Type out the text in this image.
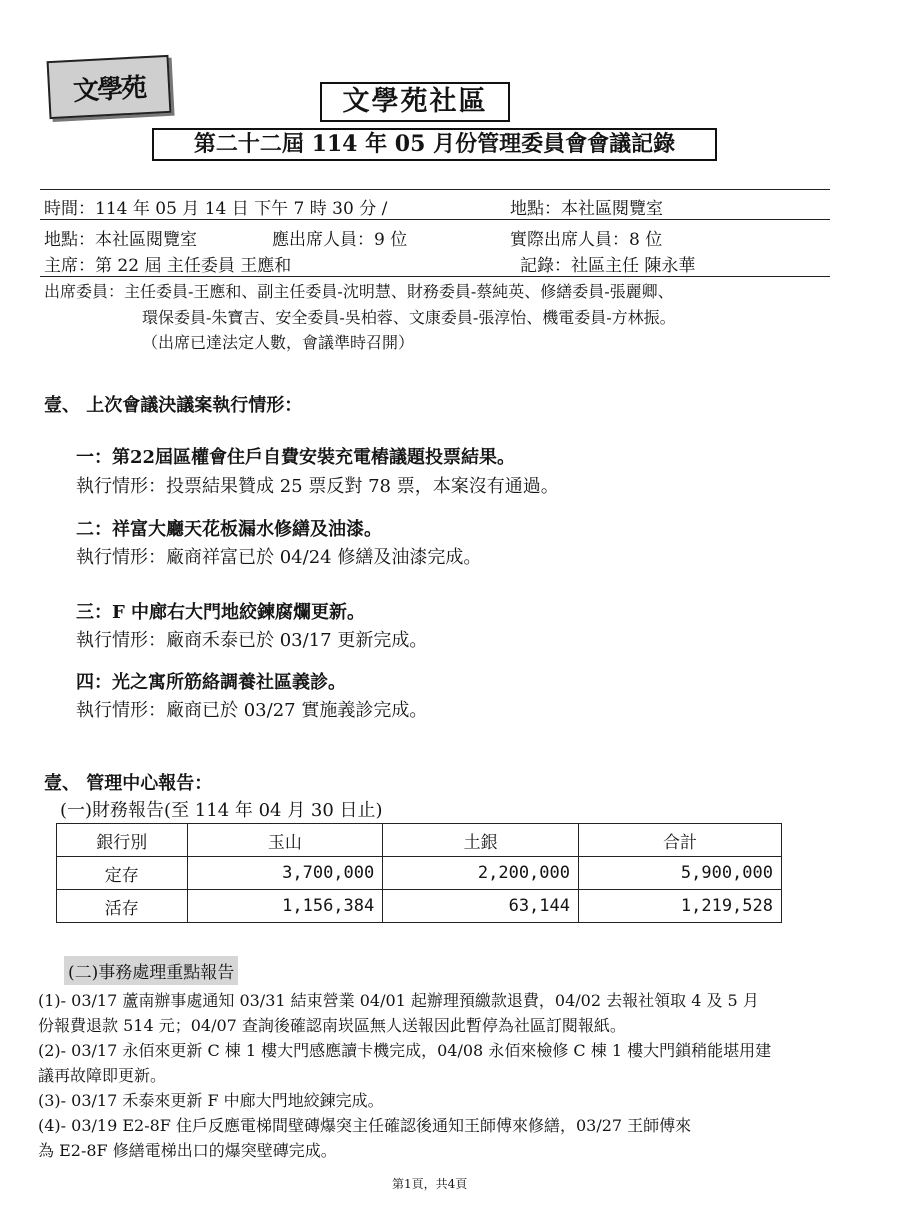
文學苑	文學苑社區
第二十二屆 114 年 05 月份管理委員會會議記錄
時間：114 年 05 月 14 日 下午 7 時 30 分 /	地點：本社區閱覽室
地點：本社區閱覽室	應出席人員：9 位	實際出席人員：8 位
主席：第 22 屆 主任委員 王應和	記錄：社區主任 陳永華
出席委員：主任委員-王應和、副主任委員-沈明慧、財務委員-蔡純英、修繕委員-張麗卿、
環保委員-朱寶吉、安全委員-吳柏蓉、文康委員-張淳怡、機電委員-方林振。
（出席已達法定人數，會議準時召開）
壹、 上次會議決議案執行情形：
一：第22屆區權會住戶自費安裝充電樁議題投票結果。
執行情形：投票結果贊成 25 票反對 78 票，本案沒有通過。
二：祥富大廳天花板漏水修繕及油漆。
執行情形：廠商祥富已於 04/24 修繕及油漆完成。
三：F 中廊右大門地絞鍊腐爛更新。
執行情形：廠商禾泰已於 03/17 更新完成。
四：光之寓所筋絡調養社區義診。
執行情形：廠商已於 03/27 實施義診完成。
壹、 管理中心報告：
(一)財務報告(至 114 年 04 月 30 日止)
銀行別	玉山	土銀	合計
定存	3,700,000	2,200,000	5,900,000
活存	1,156,384	63,144	1,219,528
(二)事務處理重點報告
(1)- 03/17 蘆南辦事處通知 03/31 結束營業 04/01 起辦理預繳款退費，04/02 去報社領取 4 及 5 月
份報費退款 514 元；04/07 查詢後確認南崁區無人送報因此暫停為社區訂閱報紙。
(2)- 03/17 永佰來更新 C 棟 1 樓大門感應讀卡機完成，04/08 永佰來檢修 C 棟 1 樓大門鎖稍能堪用建
議再故障即更新。
(3)- 03/17 禾泰來更新 F 中廊大門地絞鍊完成。
(4)- 03/19 E2-8F 住戶反應電梯間壁磚爆突主任確認後通知王師傅來修繕，03/27 王師傅來
為 E2-8F 修繕電梯出口的爆突壁磚完成。
第1頁，共4頁
